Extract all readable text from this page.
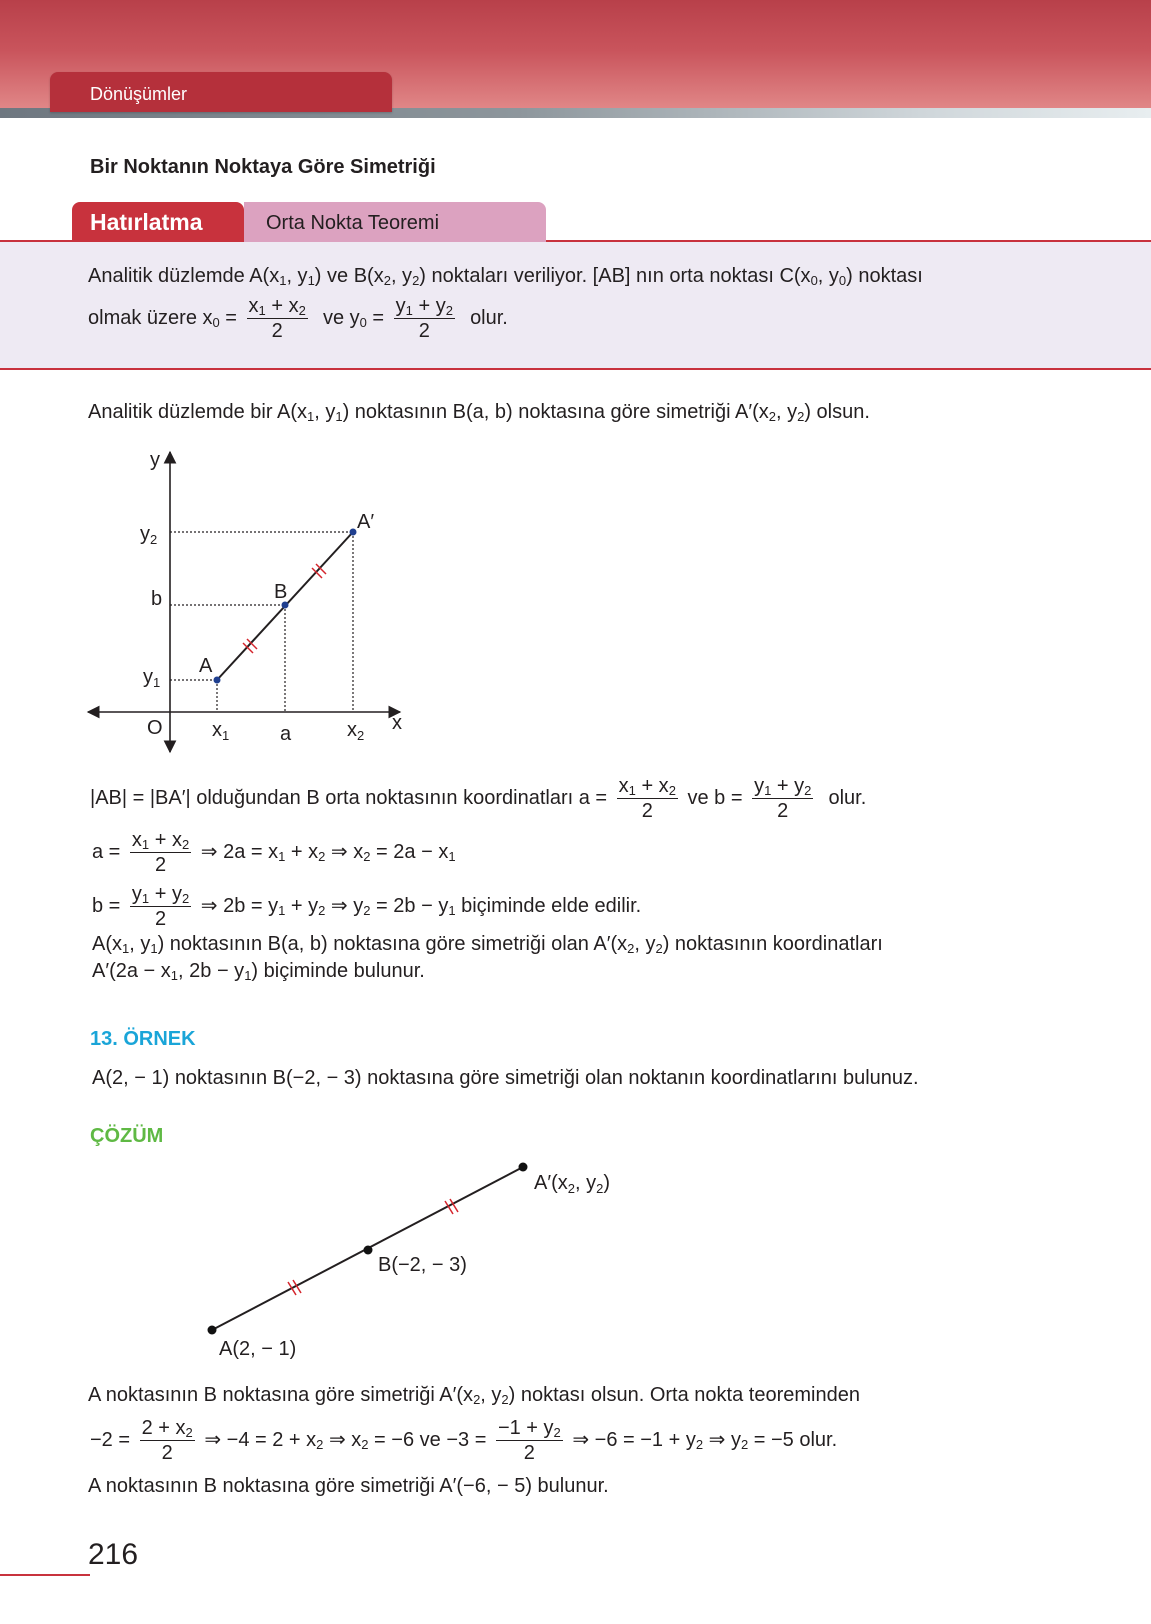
Dönüşümler
Bir Noktanın Noktaya Göre Simetriği
Hatırlatma	Orta Nokta Teoremi
Analitik düzlemde $A(x_1$, $y_1$) ve $B(x_2$, $y_2$) noktaları veriliyor. [AB] nın orta noktası $C(x_0$, $y_0$) noktası
olmak üzere $x_0 = \frac{x_1 + x_2}{2}$ ve $y_0 = \frac{y_1 + y_2}{2}$ olur.
Analitik düzlemde bir $A(x_1$, $y_1$) noktasının B(a, b) noktasına göre simetriği $A'(x_2$, $y_2$) olsun.
y
x
O
$y_2$
b
$y_1$
$x_1$	a	$x_2$
A
B
A′
|AB| = |BA′| olduğundan B orta noktasının koordinatları $a = \frac{x_1 + x_2}{2}$ ve $b = \frac{y_1 + y_2}{2}$ olur.
$a = \frac{x_1 + x_2}{2}$ ⇒ $2a = x_1 + x_2$ ⇒ $x_2 = 2a - x_1$
$b = \frac{y_1 + y_2}{2}$ ⇒ $2b = y_1 + y_2$ ⇒ $y_2 = 2b - y_1$ biçiminde elde edilir.
$A(x_1$, $y_1$) noktasının B(a, b) noktasına göre simetriği olan $A'(x_2$, $y_2$) noktasının koordinatları
$A'(2a - x_1$, $2b - y_1$) biçiminde bulunur.
13. ÖRNEK
A(2, − 1) noktasının B(−2, − 3) noktasına göre simetriği olan noktanın koordinatlarını bulunuz.
ÇÖZÜM
A(2, − 1)
B(−2, − 3)
$A'(x_2$, $y_2$)
A noktasının B noktasına göre simetriği $A'(x_2$, $y_2$) noktası olsun. Orta nokta teoreminden
$-2 = \frac{2 + x_2}{2}$ ⇒ $-4 = 2 + x_2$ ⇒ $x_2 = -6$ ve $-3 = \frac{-1 + y_2}{2}$ ⇒ $-6 = -1 + y_2$ ⇒ $y_2 = -5$ olur.
A noktasının B noktasına göre simetriği A′(−6, − 5) bulunur.
216
